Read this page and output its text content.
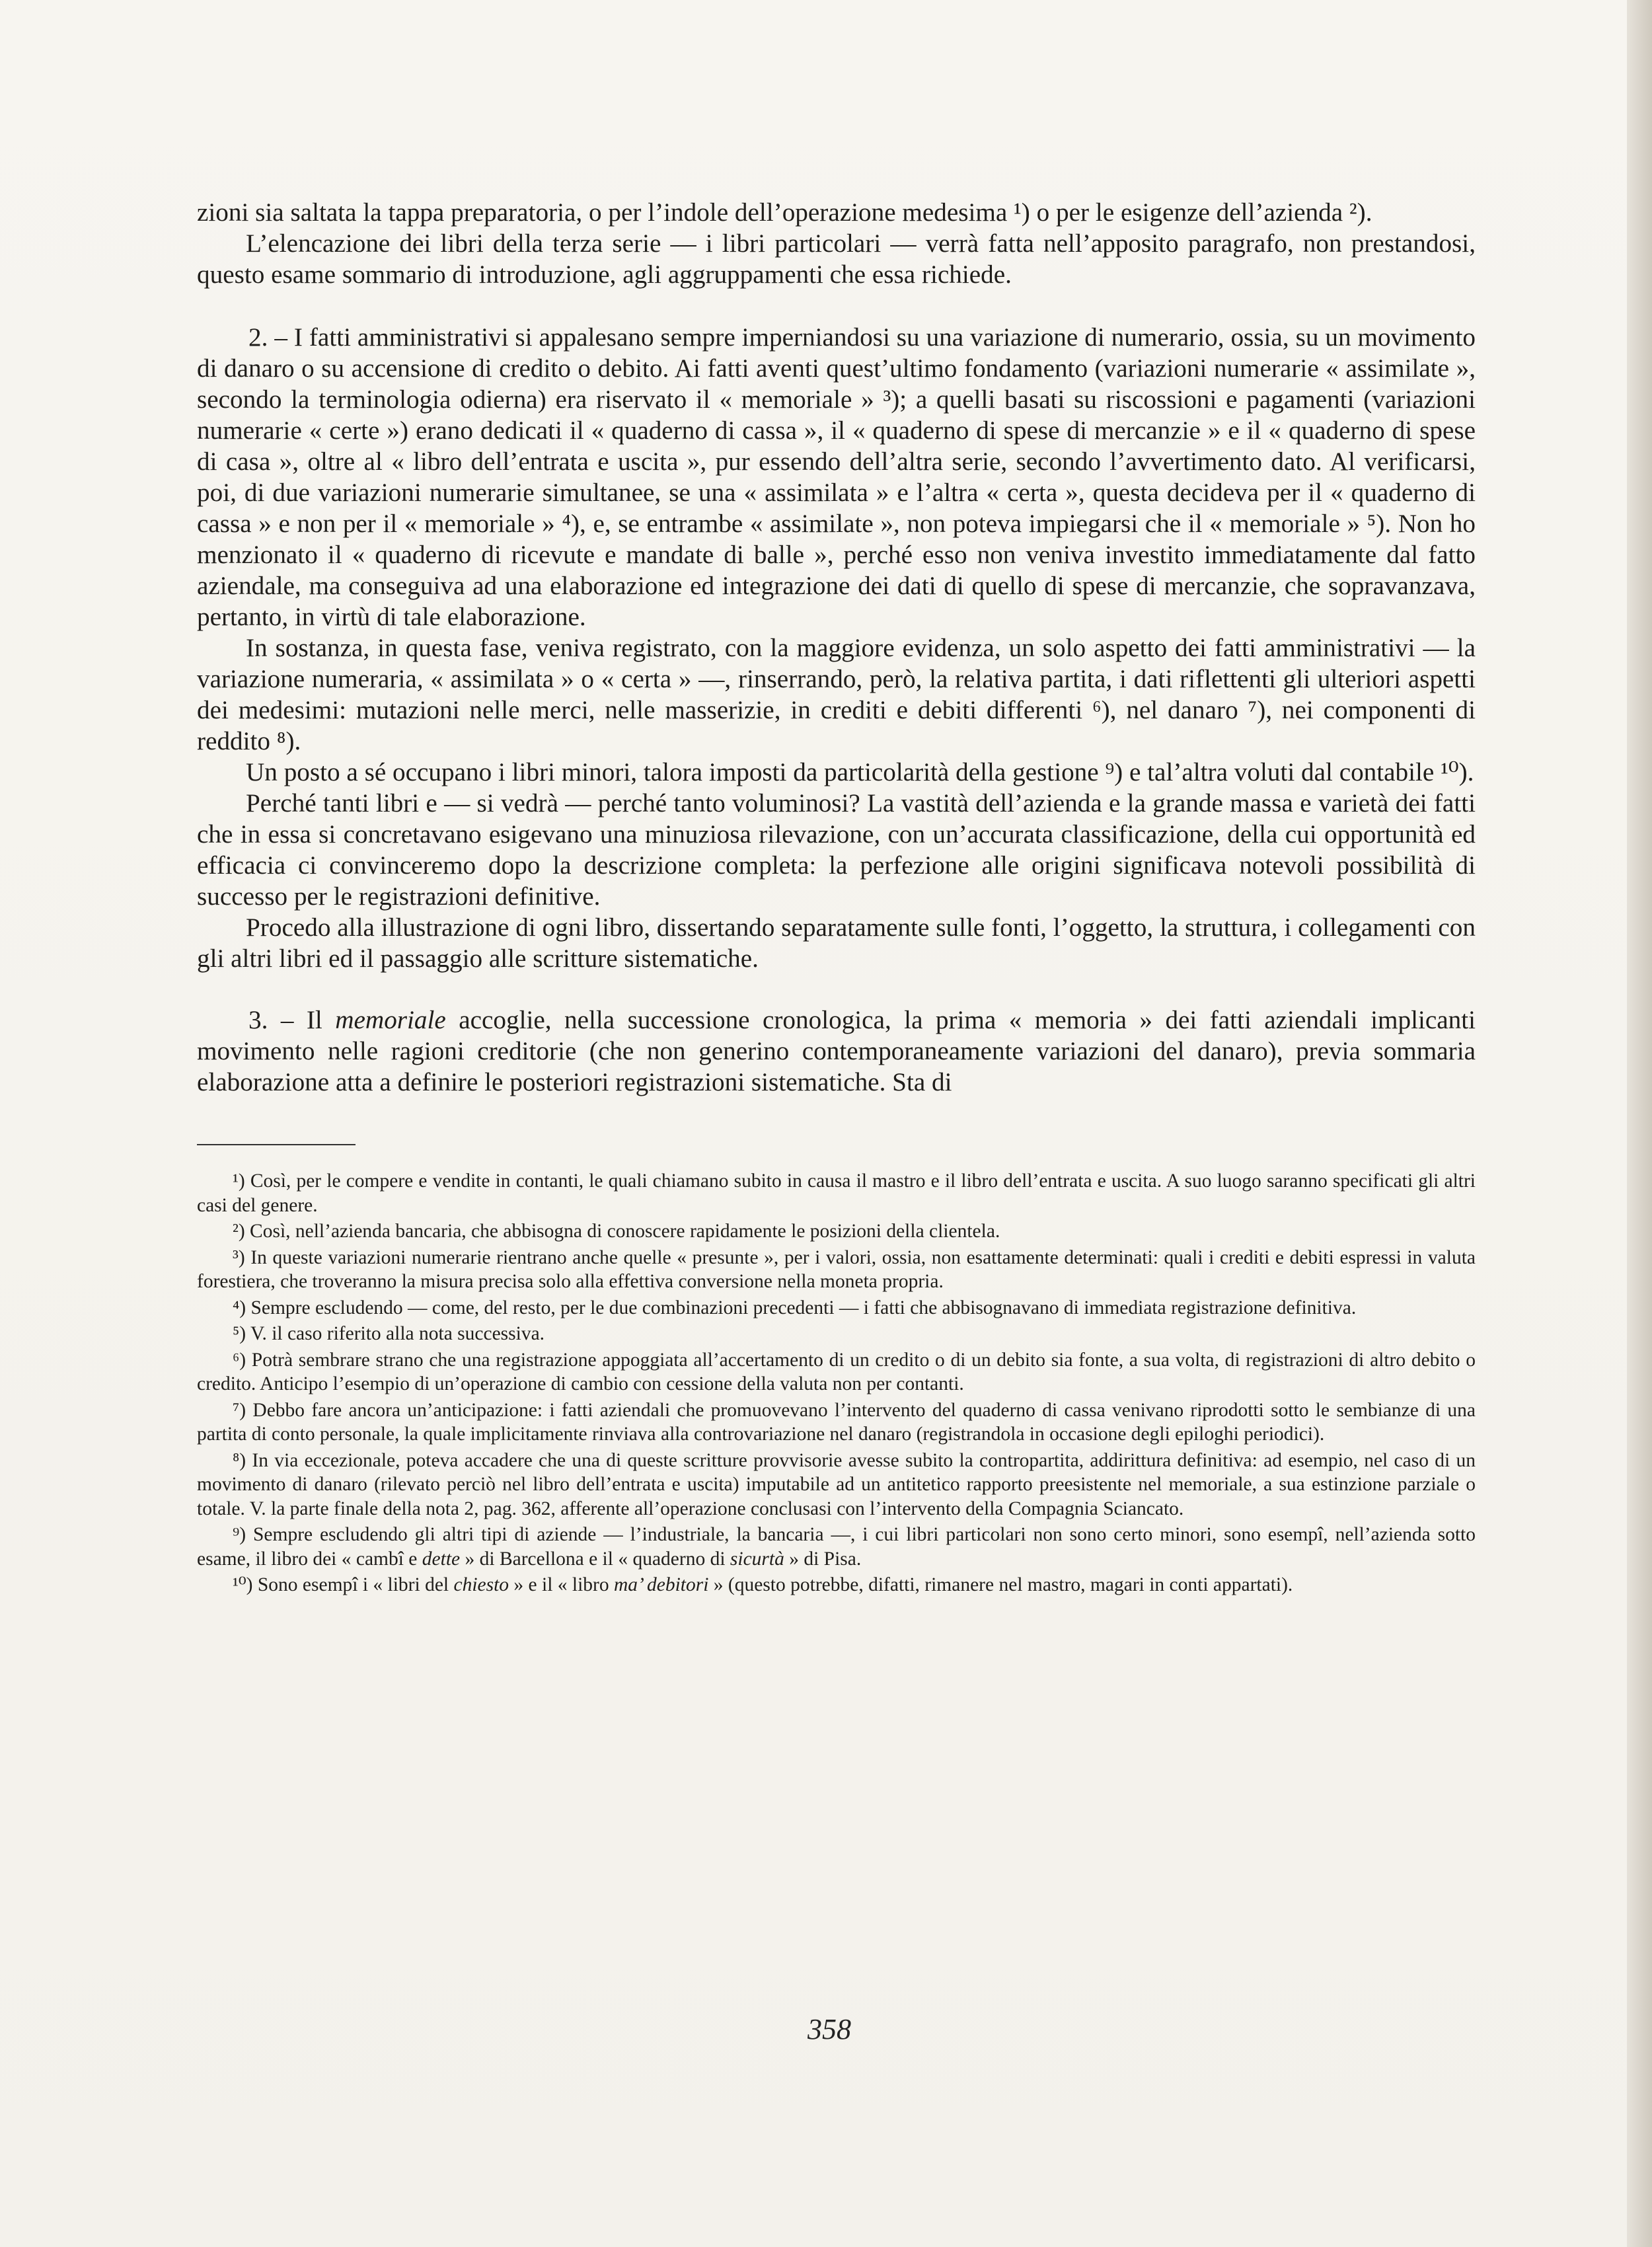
zioni sia saltata la tappa preparatoria, o per l’indole dell’operazione medesima ¹) o per le esigenze dell’azienda ²).

L’elencazione dei libri della terza serie — i libri particolari — verrà fatta nell’apposito paragrafo, non prestandosi, questo esame sommario di introduzione, agli aggruppamenti che essa richiede.

2. – I fatti amministrativi si appalesano sempre imperniandosi su una variazione di numerario, ossia, su un movimento di danaro o su accensione di credito o debito. Ai fatti aventi quest’ultimo fondamento (variazioni numerarie « assimilate », secondo la terminologia odierna) era riservato il « memoriale » ³); a quelli basati su riscossioni e pagamenti (variazioni numerarie « certe ») erano dedicati il « quaderno di cassa », il « quaderno di spese di mercanzie » e il « quaderno di spese di casa », oltre al « libro dell’entrata e uscita », pur essendo dell’altra serie, secondo l’avvertimento dato. Al verificarsi, poi, di due variazioni numerarie simultanee, se una « assimilata » e l’altra « certa », questa decideva per il « quaderno di cassa » e non per il « memoriale » ⁴), e, se entrambe « assimilate », non poteva impiegarsi che il « memoriale » ⁵). Non ho menzionato il « quaderno di ricevute e mandate di balle », perché esso non veniva investito immediatamente dal fatto aziendale, ma conseguiva ad una elaborazione ed integrazione dei dati di quello di spese di mercanzie, che sopravanzava, pertanto, in virtù di tale elaborazione.

In sostanza, in questa fase, veniva registrato, con la maggiore evidenza, un solo aspetto dei fatti amministrativi — la variazione numeraria, « assimilata » o « certa » —, rinserrando, però, la relativa partita, i dati riflettenti gli ulteriori aspetti dei medesimi: mutazioni nelle merci, nelle masserizie, in crediti e debiti differenti ⁶), nel danaro ⁷), nei componenti di reddito ⁸).

Un posto a sé occupano i libri minori, talora imposti da particolarità della gestione ⁹) e tal’altra voluti dal contabile ¹⁰).

Perché tanti libri e — si vedrà — perché tanto voluminosi? La vastità dell’azienda e la grande massa e varietà dei fatti che in essa si concretavano esigevano una minuziosa rilevazione, con un’accurata classificazione, della cui opportunità ed efficacia ci convinceremo dopo la descrizione completa: la perfezione alle origini significava notevoli possibilità di successo per le registrazioni definitive.

Procedo alla illustrazione di ogni libro, dissertando separatamente sulle fonti, l’oggetto, la struttura, i collegamenti con gli altri libri ed il passaggio alle scritture sistematiche.

3. – Il memoriale accoglie, nella successione cronologica, la prima « memoria » dei fatti aziendali implicanti movimento nelle ragioni creditorie (che non generino contemporaneamente variazioni del danaro), previa sommaria elaborazione atta a definire le posteriori registrazioni sistematiche. Sta di

¹) Così, per le compere e vendite in contanti, le quali chiamano subito in causa il mastro e il libro dell’entrata e uscita. A suo luogo saranno specificati gli altri casi del genere.

²) Così, nell’azienda bancaria, che abbisogna di conoscere rapidamente le posizioni della clientela.

³) In queste variazioni numerarie rientrano anche quelle « presunte », per i valori, ossia, non esattamente determinati: quali i crediti e debiti espressi in valuta forestiera, che troveranno la misura precisa solo alla effettiva conversione nella moneta propria.

⁴) Sempre escludendo — come, del resto, per le due combinazioni precedenti — i fatti che abbisognavano di immediata registrazione definitiva.

⁵) V. il caso riferito alla nota successiva.

⁶) Potrà sembrare strano che una registrazione appoggiata all’accertamento di un credito o di un debito sia fonte, a sua volta, di registrazioni di altro debito o credito. Anticipo l’esempio di un’operazione di cambio con cessione della valuta non per contanti.

⁷) Debbo fare ancora un’anticipazione: i fatti aziendali che promuovevano l’intervento del quaderno di cassa venivano riprodotti sotto le sembianze di una partita di conto personale, la quale implicitamente rinviava alla controvariazione nel danaro (registrandola in occasione degli epiloghi periodici).

⁸) In via eccezionale, poteva accadere che una di queste scritture provvisorie avesse subito la contropartita, addirittura definitiva: ad esempio, nel caso di un movimento di danaro (rilevato perciò nel libro dell’entrata e uscita) imputabile ad un antitetico rapporto preesistente nel memoriale, a sua estinzione parziale o totale. V. la parte finale della nota 2, pag. 362, afferente all’operazione conclusasi con l’intervento della Compagnia Sciancato.

⁹) Sempre escludendo gli altri tipi di aziende — l’industriale, la bancaria —, i cui libri particolari non sono certo minori, sono esempî, nell’azienda sotto esame, il libro dei « cambî e dette » di Barcellona e il « quaderno di sicurtà » di Pisa.

¹⁰) Sono esempî i « libri del chiesto » e il « libro ma’ debitori » (questo potrebbe, difatti, rimanere nel mastro, magari in conti appartati).

358
